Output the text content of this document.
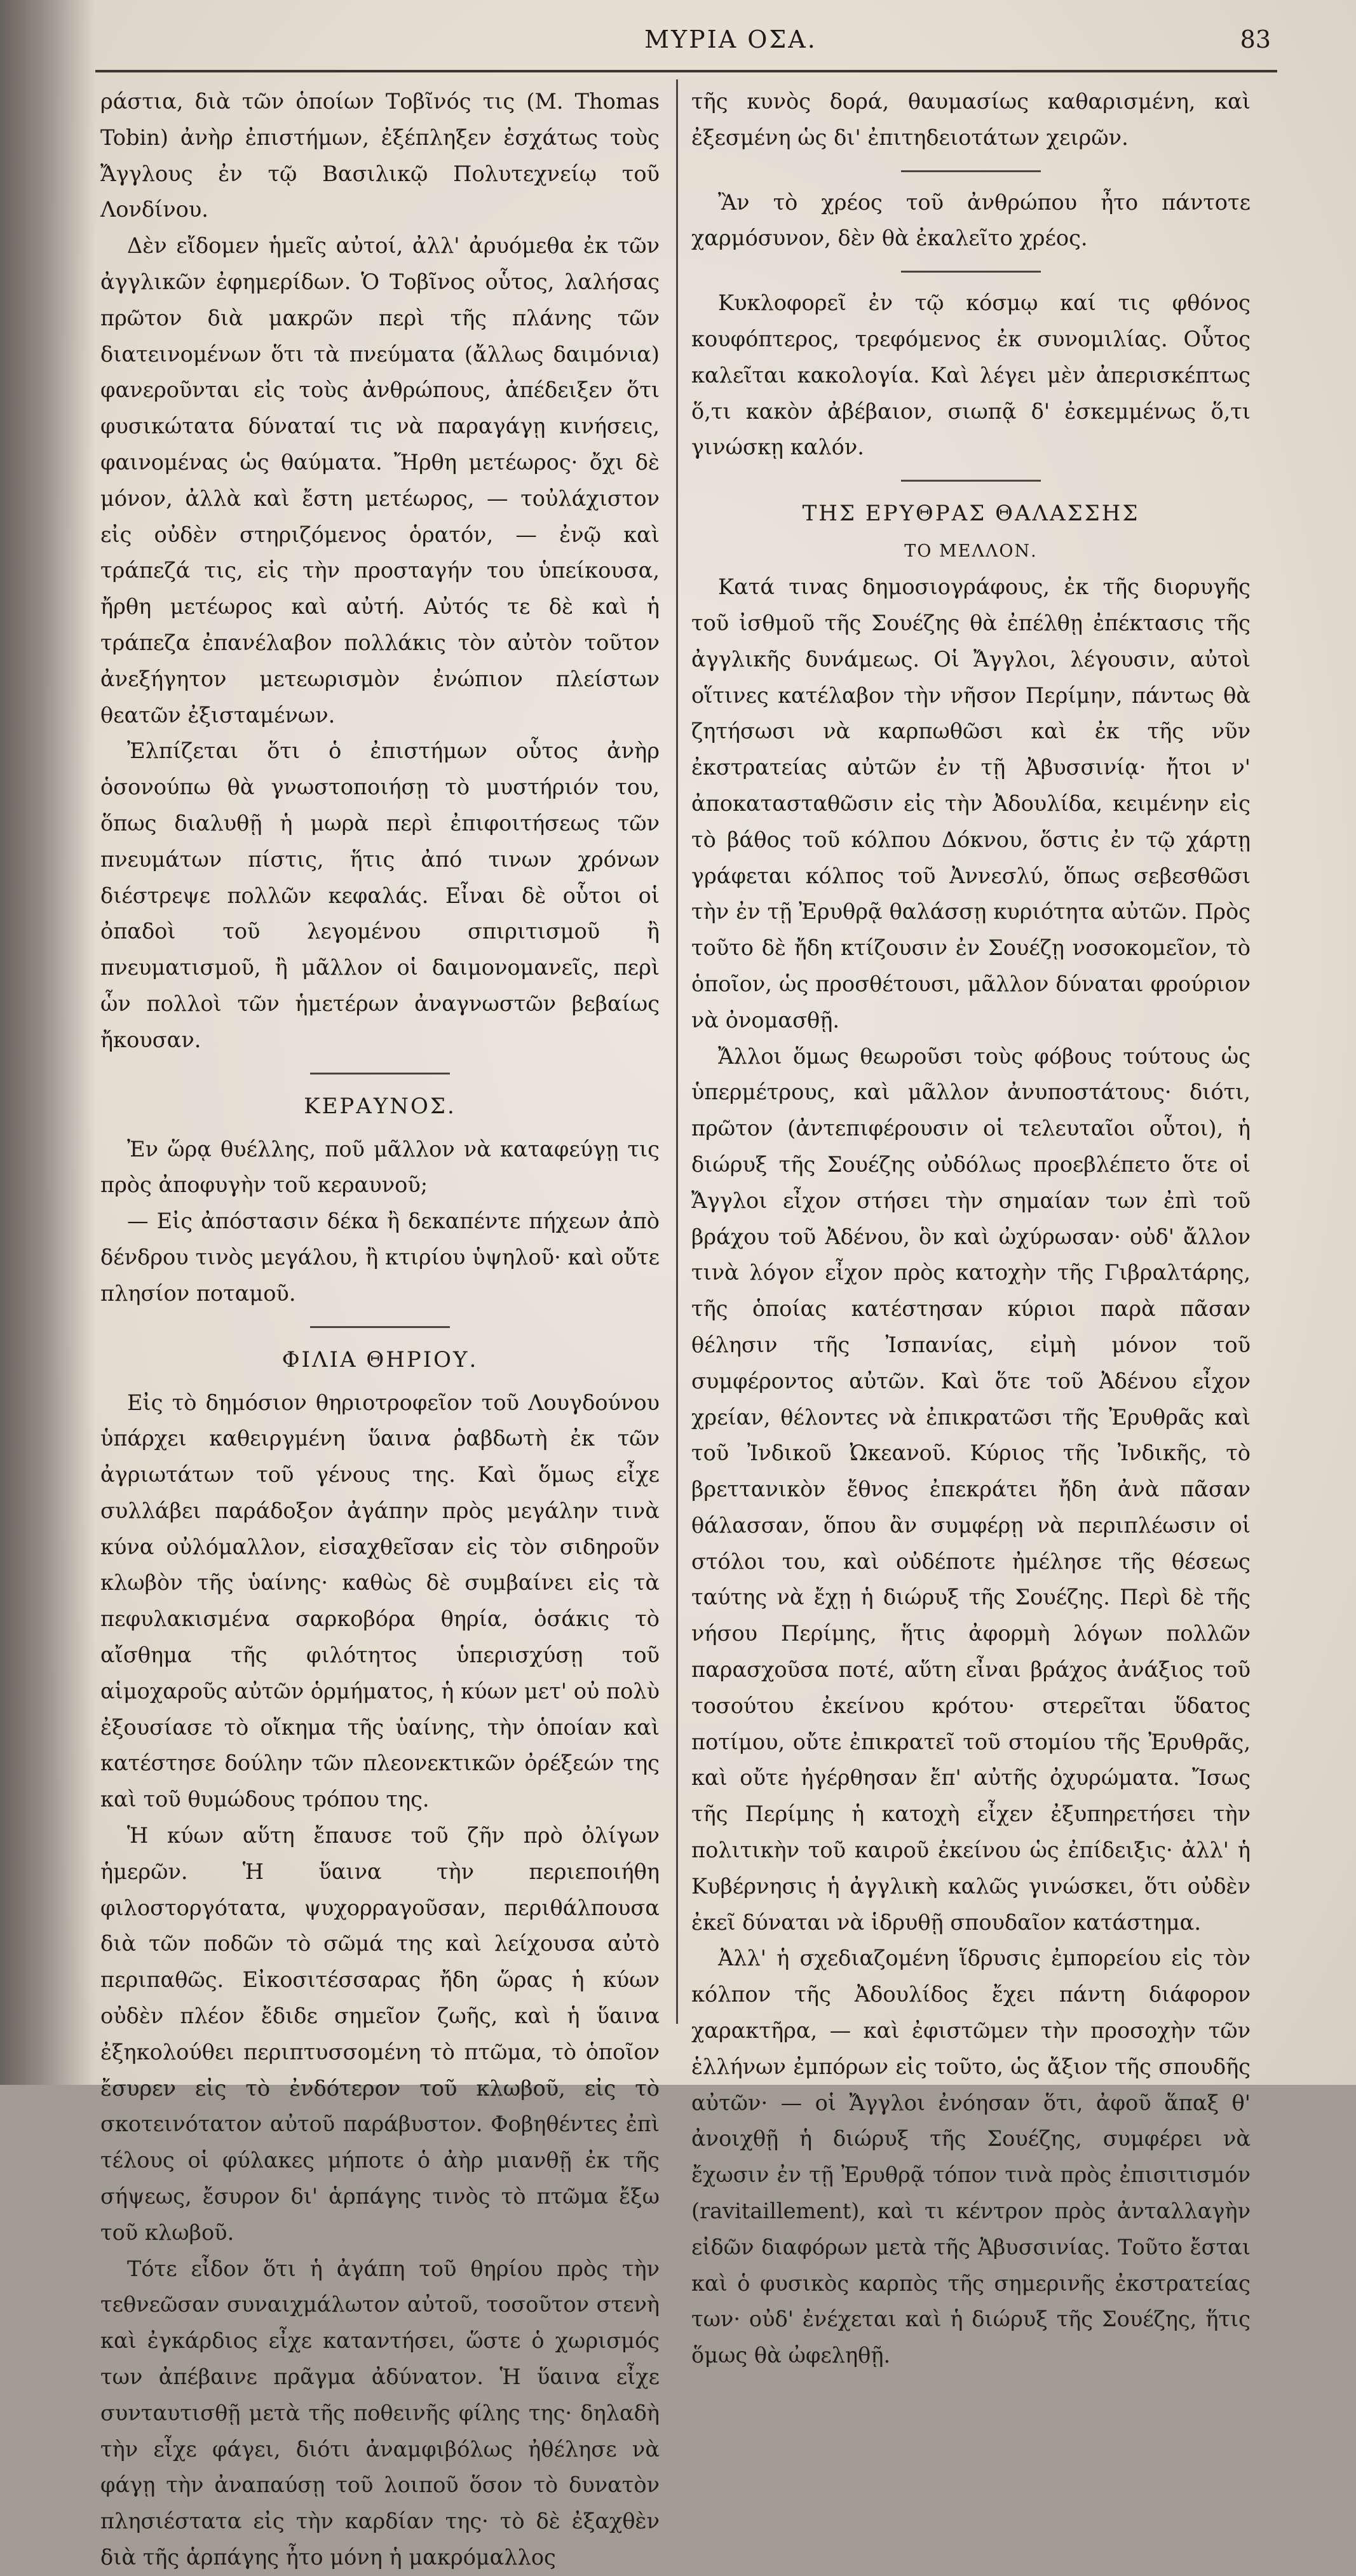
ΜΥΡΙΑ ΟΣΑ.	83

ράστια, διὰ τῶν ὁποίων Τοβῖνός τις (Μ. Thomas Tobin) ἀνὴρ ἐπιστήμων, ἐξέπληξεν ἐσχάτως τοὺς Ἄγγλους ἐν τῷ Βασιλικῷ Πολυτεχνείῳ τοῦ Λονδίνου.

Δὲν εἴδομεν ἡμεῖς αὐτοί, ἀλλ' ἀρυόμεθα ἐκ τῶν ἀγγλικῶν ἐφημερίδων. Ὁ Τοβῖνος οὗτος, λαλήσας πρῶτον διὰ μακρῶν περὶ τῆς πλάνης τῶν διατεινομένων ὅτι τὰ πνεύματα (ἄλλως δαιμόνια) φανεροῦνται εἰς τοὺς ἀνθρώπους, ἀπέδειξεν ὅτι φυσικώτατα δύναταί τις νὰ παραγάγῃ κινήσεις, φαινομένας ὡς θαύματα. Ἤρθη μετέωρος· ὄχι δὲ μόνον, ἀλλὰ καὶ ἔστη μετέωρος, — τοὐλάχιστον εἰς οὐδὲν στηριζόμενος ὁρατόν, — ἐνῷ καὶ τράπεζά τις, εἰς τὴν προσταγήν του ὑπείκουσα, ἤρθη μετέωρος καὶ αὐτή. Αὐτός τε δὲ καὶ ἡ τράπεζα ἐπανέλαβον πολλάκις τὸν αὐτὸν τοῦτον ἀνεξήγητον μετεωρισμὸν ἐνώπιον πλείστων θεατῶν ἐξισταμένων.

Ἐλπίζεται ὅτι ὁ ἐπιστήμων οὗτος ἀνὴρ ὁσονούπω θὰ γνωστοποιήσῃ τὸ μυστήριόν του, ὅπως διαλυθῇ ἡ μωρὰ περὶ ἐπιφοιτήσεως τῶν πνευμάτων πίστις, ἥτις ἀπό τινων χρόνων διέστρεψε πολλῶν κεφαλάς. Εἶναι δὲ οὗτοι οἱ ὀπαδοὶ τοῦ λεγομένου σπιριτισμοῦ ἢ πνευματισμοῦ, ἢ μᾶλλον οἱ δαιμονομανεῖς, περὶ ὧν πολλοὶ τῶν ἡμετέρων ἀναγνωστῶν βεβαίως ἤκουσαν.

ΚΕΡΑΥΝΟΣ.

Ἐν ὥρᾳ θυέλλης, ποῦ μᾶλλον νὰ καταφεύγῃ τις πρὸς ἀποφυγὴν τοῦ κεραυνοῦ;

— Εἰς ἀπόστασιν δέκα ἢ δεκαπέντε πήχεων ἀπὸ δένδρου τινὸς μεγάλου, ἢ κτιρίου ὑψηλοῦ· καὶ οὔτε πλησίον ποταμοῦ.

ΦΙΛΙΑ ΘΗΡΙΟΥ.

Εἰς τὸ δημόσιον θηριοτροφεῖον τοῦ Λουγδούνου ὑπάρχει καθειργμένη ὕαινα ῥαβδωτὴ ἐκ τῶν ἀγριωτάτων τοῦ γένους της. Καὶ ὅμως εἶχε συλλάβει παράδοξον ἀγάπην πρὸς μεγάλην τινὰ κύνα οὐλόμαλλον, εἰσαχθεῖσαν εἰς τὸν σιδηροῦν κλωβὸν τῆς ὑαίνης· καθὼς δὲ συμβαίνει εἰς τὰ πεφυλακισμένα σαρκοβόρα θηρία, ὁσάκις τὸ αἴσθημα τῆς φιλότητος ὑπερισχύσῃ τοῦ αἱμοχαροῦς αὐτῶν ὁρμήματος, ἡ κύων μετ' οὐ πολὺ ἐξουσίασε τὸ οἴκημα τῆς ὑαίνης, τὴν ὁποίαν καὶ κατέστησε δούλην τῶν πλεονεκτικῶν ὀρέξεών της καὶ τοῦ θυμώδους τρόπου της.

Ἡ κύων αὕτη ἔπαυσε τοῦ ζῆν πρὸ ὀλίγων ἡμερῶν. Ἡ ὕαινα τὴν περιεποιήθη φιλοστοργότατα, ψυχορραγοῦσαν, περιθάλπουσα διὰ τῶν ποδῶν τὸ σῶμά της καὶ λείχουσα αὐτὸ περιπαθῶς. Εἰκοσιτέσσαρας ἤδη ὥρας ἡ κύων οὐδὲν πλέον ἔδιδε σημεῖον ζωῆς, καὶ ἡ ὕαινα ἐξηκολούθει περιπτυσσομένη τὸ πτῶμα, τὸ ὁποῖον ἔσυρεν εἰς τὸ ἐνδότερον τοῦ κλωβοῦ, εἰς τὸ σκοτεινότατον αὐτοῦ παράβυστον. Φοβηθέντες ἐπὶ τέλους οἱ φύλακες μήποτε ὁ ἀὴρ μιανθῇ ἐκ τῆς σήψεως, ἔσυρον δι' ἁρπάγης τινὸς τὸ πτῶμα ἔξω τοῦ κλωβοῦ.

Τότε εἶδον ὅτι ἡ ἀγάπη τοῦ θηρίου πρὸς τὴν τεθνεῶσαν συναιχμάλωτον αὐτοῦ, τοσοῦτον στενὴ καὶ ἐγκάρδιος εἶχε καταντήσει, ὥστε ὁ χωρισμός των ἀπέβαινε πρᾶγμα ἀδύνατον. Ἡ ὕαινα εἶχε συνταυτισθῇ μετὰ τῆς ποθεινῆς φίλης της· δηλαδὴ τὴν εἶχε φάγει, διότι ἀναμφιβόλως ἠθέλησε νὰ φάγῃ τὴν ἀναπαύσῃ τοῦ λοιποῦ ὅσον τὸ δυνατὸν πλησιέστατα εἰς τὴν καρδίαν της· τὸ δὲ ἐξαχθὲν διὰ τῆς ἁρπάγης ἦτο μόνη ἡ μακρόμαλλος

τῆς κυνὸς δορά, θαυμασίως καθαρισμένη, καὶ ἐξεσμένη ὡς δι' ἐπιτηδειοτάτων χειρῶν.

Ἂν τὸ χρέος τοῦ ἀνθρώπου ἦτο πάντοτε χαρμόσυνον, δὲν θὰ ἐκαλεῖτο χρέος.

Κυκλοφορεῖ ἐν τῷ κόσμῳ καί τις φθόνος κουφόπτερος, τρεφόμενος ἐκ συνομιλίας. Οὗτος καλεῖται κακολογία. Καὶ λέγει μὲν ἀπερισκέπτως ὅ,τι κακὸν ἀβέβαιον, σιωπᾷ δ' ἐσκεμμένως ὅ,τι γινώσκῃ καλόν.

ΤΗΣ ΕΡΥΘΡΑΣ ΘΑΛΑΣΣΗΣ
ΤΟ ΜΕΛΛΟΝ.

Κατά τινας δημοσιογράφους, ἐκ τῆς διορυγῆς τοῦ ἰσθμοῦ τῆς Σουέζης θὰ ἐπέλθῃ ἐπέκτασις τῆς ἀγγλικῆς δυνάμεως. Οἱ Ἄγγλοι, λέγουσιν, αὐτοὶ οἵτινες κατέλαβον τὴν νῆσον Περίμην, πάντως θὰ ζητήσωσι νὰ καρπωθῶσι καὶ ἐκ τῆς νῦν ἐκστρατείας αὐτῶν ἐν τῇ Ἀβυσσινίᾳ· ἤτοι ν' ἀποκατασταθῶσιν εἰς τὴν Ἀδουλίδα, κειμένην εἰς τὸ βάθος τοῦ κόλπου Δόκνου, ὅστις ἐν τῷ χάρτῃ γράφεται κόλπος τοῦ Ἀννεσλύ, ὅπως σεβεσθῶσι τὴν ἐν τῇ Ἐρυθρᾷ θαλάσσῃ κυριότητα αὐτῶν. Πρὸς τοῦτο δὲ ἤδη κτίζουσιν ἐν Σουέζῃ νοσοκομεῖον, τὸ ὁποῖον, ὡς προσθέτουσι, μᾶλλον δύναται φρούριον νὰ ὀνομασθῇ.

Ἄλλοι ὅμως θεωροῦσι τοὺς φόβους τούτους ὡς ὑπερμέτρους, καὶ μᾶλλον ἀνυποστάτους· διότι, πρῶτον (ἀντεπιφέρουσιν οἱ τελευταῖοι οὗτοι), ἡ διώρυξ τῆς Σουέζης οὐδόλως προεβλέπετο ὅτε οἱ Ἄγγλοι εἶχον στήσει τὴν σημαίαν των ἐπὶ τοῦ βράχου τοῦ Ἀδένου, ὃν καὶ ὠχύρωσαν· οὐδ' ἄλλον τινὰ λόγον εἶχον πρὸς κατοχὴν τῆς Γιβραλτάρης, τῆς ὁποίας κατέστησαν κύριοι παρὰ πᾶσαν θέλησιν τῆς Ἰσπανίας, εἰμὴ μόνον τοῦ συμφέροντος αὐτῶν. Καὶ ὅτε τοῦ Ἀδένου εἶχον χρείαν, θέλοντες νὰ ἐπικρατῶσι τῆς Ἐρυθρᾶς καὶ τοῦ Ἰνδικοῦ Ὠκεανοῦ. Κύριος τῆς Ἰνδικῆς, τὸ βρεττανικὸν ἔθνος ἐπεκράτει ἤδη ἀνὰ πᾶσαν θάλασσαν, ὅπου ἂν συμφέρῃ νὰ περιπλέωσιν οἱ στόλοι του, καὶ οὐδέποτε ἠμέλησε τῆς θέσεως ταύτης νὰ ἔχῃ ἡ διώρυξ τῆς Σουέζης. Περὶ δὲ τῆς νήσου Περίμης, ἥτις ἀφορμὴ λόγων πολλῶν παρασχοῦσα ποτέ, αὕτη εἶναι βράχος ἀνάξιος τοῦ τοσούτου ἐκείνου κρότου· στερεῖται ὕδατος ποτίμου, οὔτε ἐπικρατεῖ τοῦ στομίου τῆς Ἐρυθρᾶς, καὶ οὔτε ἠγέρθησαν ἔπ' αὐτῆς ὀχυρώματα. Ἴσως τῆς Περίμης ἡ κατοχὴ εἶχεν ἐξυπηρετήσει τὴν πολιτικὴν τοῦ καιροῦ ἐκείνου ὡς ἐπίδειξις· ἀλλ' ἡ Κυβέρνησις ἡ ἀγγλικὴ καλῶς γινώσκει, ὅτι οὐδὲν ἐκεῖ δύναται νὰ ἱδρυθῇ σπουδαῖον κατάστημα.

Ἀλλ' ἡ σχεδιαζομένη ἵδρυσις ἐμπορείου εἰς τὸν κόλπον τῆς Ἀδουλίδος ἔχει πάντη διάφορον χαρακτῆρα, — καὶ ἐφιστῶμεν τὴν προσοχὴν τῶν ἑλλήνων ἐμπόρων εἰς τοῦτο, ὡς ἄξιον τῆς σπουδῆς αὐτῶν· — οἱ Ἄγγλοι ἐνόησαν ὅτι, ἀφοῦ ἅπαξ θ' ἀνοιχθῇ ἡ διώρυξ τῆς Σουέζης, συμφέρει νὰ ἔχωσιν ἐν τῇ Ἐρυθρᾷ τόπον τινὰ πρὸς ἐπισιτισμόν (ravitaillement), καὶ τι κέντρον πρὸς ἀνταλλαγὴν εἰδῶν διαφόρων μετὰ τῆς Ἀβυσσινίας. Τοῦτο ἔσται καὶ ὁ φυσικὸς καρπὸς τῆς σημερινῆς ἐκστρατείας των· οὐδ' ἐνέχεται καὶ ἡ διώρυξ τῆς Σουέζης, ἥτις ὅμως θὰ ὠφεληθῇ.
